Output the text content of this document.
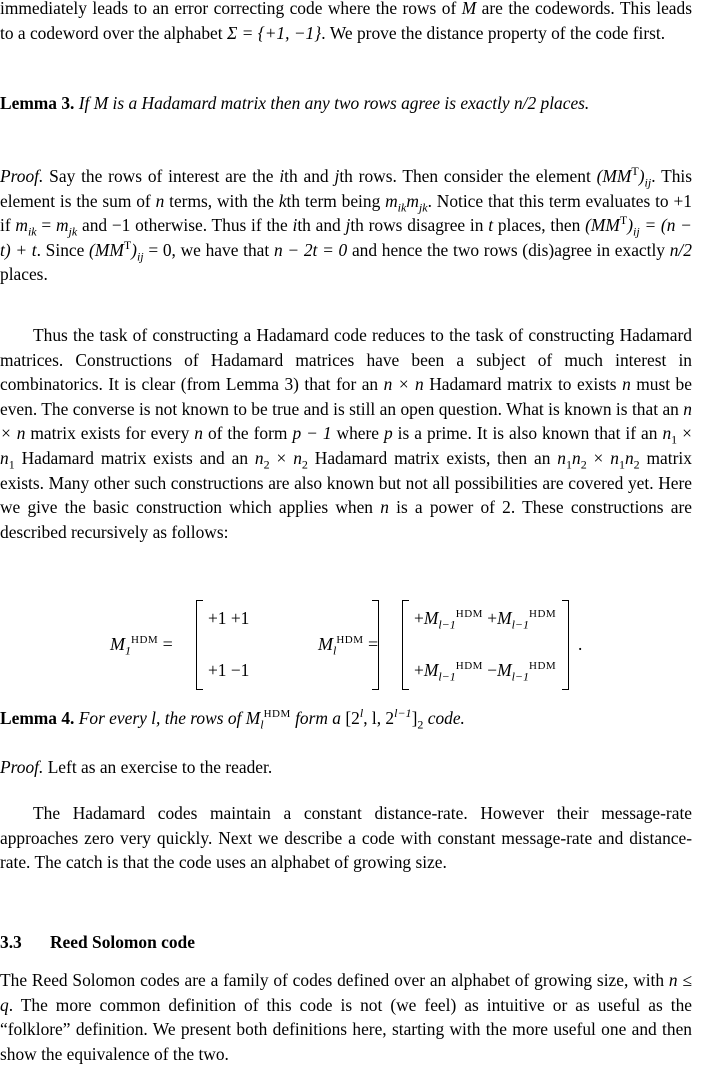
immediately leads to an error correcting code where the rows of M are the codewords. This leads to a codeword over the alphabet Σ = {+1, −1}. We prove the distance property of the code first.

Lemma 3. If M is a Hadamard matrix then any two rows agree is exactly n/2 places.

Proof. Say the rows of interest are the ith and jth rows. Then consider the element $(MM^T)_{ij}$. This element is the sum of n terms, with the kth term being $m_{ik}m_{jk}$. Notice that this term evaluates to +1 if $m_{ik} = m_{jk}$ and −1 otherwise. Thus if the ith and jth rows disagree in t places, then $(MM^T)_{ij} = (n - t) + t$. Since $(MM^T)_{ij} = 0$, we have that n − 2t = 0 and hence the two rows (dis)agree in exactly n/2 places.

Thus the task of constructing a Hadamard code reduces to the task of constructing Hadamard matrices. Constructions of Hadamard matrices have been a subject of much interest in combinatorics. It is clear (from Lemma 3) that for an n × n Hadamard matrix to exists n must be even. The converse is not known to be true and is still an open question. What is known is that an n × n matrix exists for every n of the form p − 1 where p is a prime. It is also known that if an $n_1 \times n_1$ Hadamard matrix exists and an $n_2 \times n_2$ Hadamard matrix exists, then an $n_1n_2 \times n_1n_2$ matrix exists. Many other such constructions are also known but not all possibilities are covered yet. Here we give the basic construction which applies when n is a power of 2. These constructions are described recursively as follows:

$M_1^{HDM}$ =
+1 +1
+1 −1
$M_l^{HDM}$ =
$+M_{l-1}^{HDM} +M_{l-1}^{HDM}$
$+M_{l-1}^{HDM} -M_{l-1}^{HDM}$
.

Lemma 4. For every l, the rows of $M_l^{HDM}$ form a [2$^l$, l, $2^{l-1}]_2$ code.

Proof. Left as an exercise to the reader.

The Hadamard codes maintain a constant distance-rate. However their message-rate approaches zero very quickly. Next we describe a code with constant message-rate and distance-rate. The catch is that the code uses an alphabet of growing size.

3.3 Reed Solomon code

The Reed Solomon codes are a family of codes defined over an alphabet of growing size, with n ≤ q. The more common definition of this code is not (we feel) as intuitive or as useful as the “folklore” definition. We present both definitions here, starting with the more useful one and then show the equivalence of the two.
